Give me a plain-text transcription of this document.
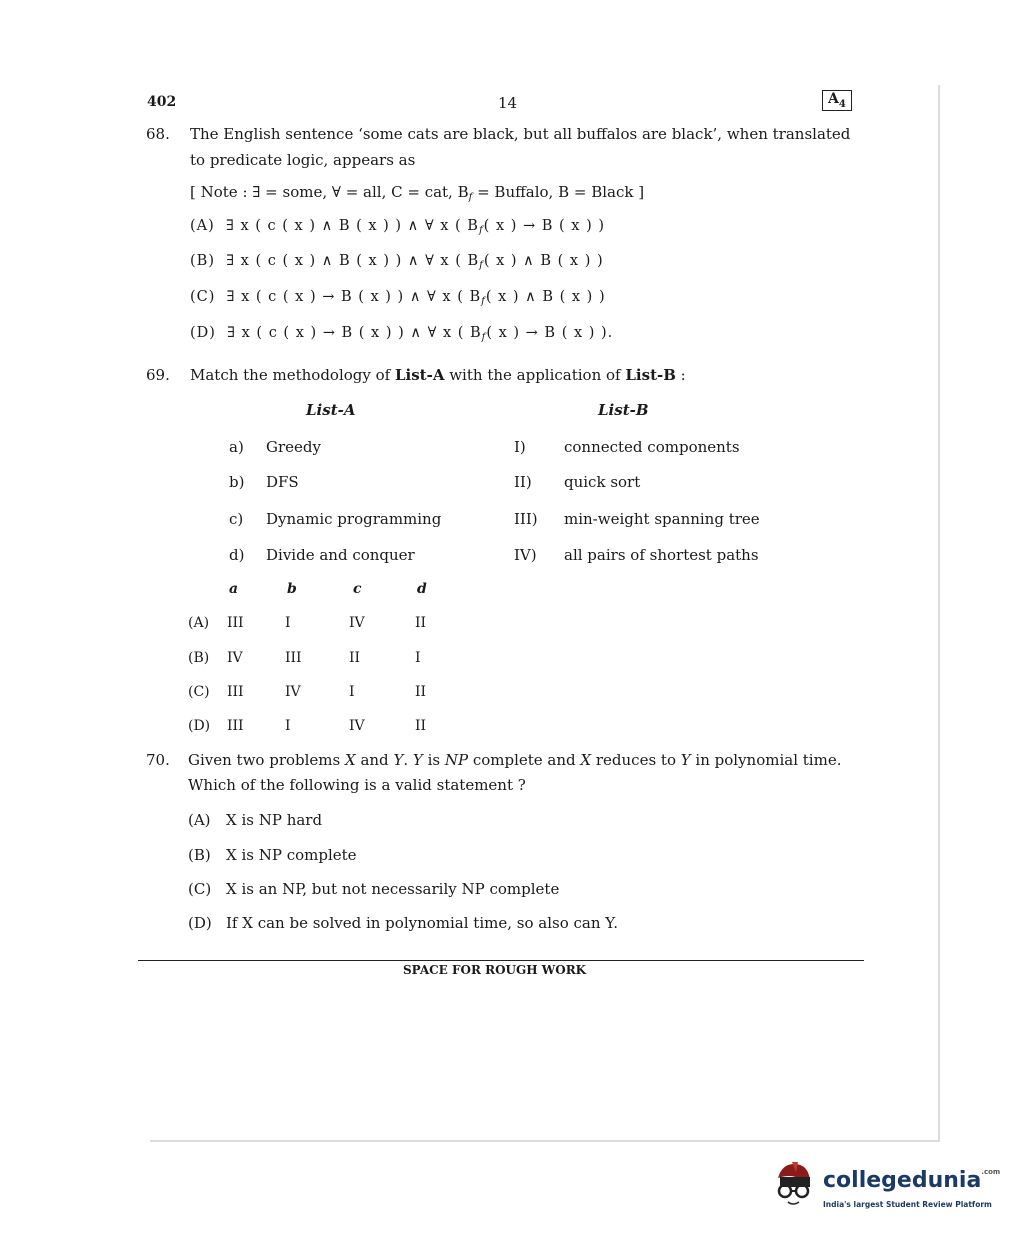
402	14	$A_4$
68. The English sentence ‘some cats are black, but all buffalos are black’, when translated
to predicate logic, appears as
[ Note : ∃ = some, ∀ = all, C = cat, $B_f$ = Buffalo, B = Black ]
(A) ∃ x ( c ( x ) ∧ B ( x ) ) ∧ ∀ x ( $B_f$( x ) → B ( x ) )
(B) ∃ x ( c ( x ) ∧ B ( x ) ) ∧ ∀ x ( $B_f$( x ) ∧ B ( x ) )
(C) ∃ x ( c ( x ) → B ( x ) ) ∧ ∀ x ( $B_f$( x ) ∧ B ( x ) )
(D) ∃ x ( c ( x ) → B ( x ) ) ∧ ∀ x ( $B_f$( x ) → B ( x ) ).
69. Match the methodology of List-A with the application of List-B :
List-A	List-B
a) Greedy	I)	connected components
b) DFS	II) quick sort
c) Dynamic programming	III) min-weight spanning tree
d) Divide and conquer	IV) all pairs of shortest paths
a	b	c	d
(A) III	I	IV	II
(B) IV	III	II	I
(C) III	IV	I	II
(D) III	I	IV	II
70. Given two problems X and Y. Y is NP complete and X reduces to Y in polynomial time.
Which of the following is a valid statement ?
(A) X is NP hard
(B) X is NP complete
(C) X is an NP, but not necessarily NP complete
(D) If X can be solved in polynomial time, so also can Y.
SPACE FOR ROUGH WORK
collegedunia$^{.com}$
India's largest Student Review Platform
